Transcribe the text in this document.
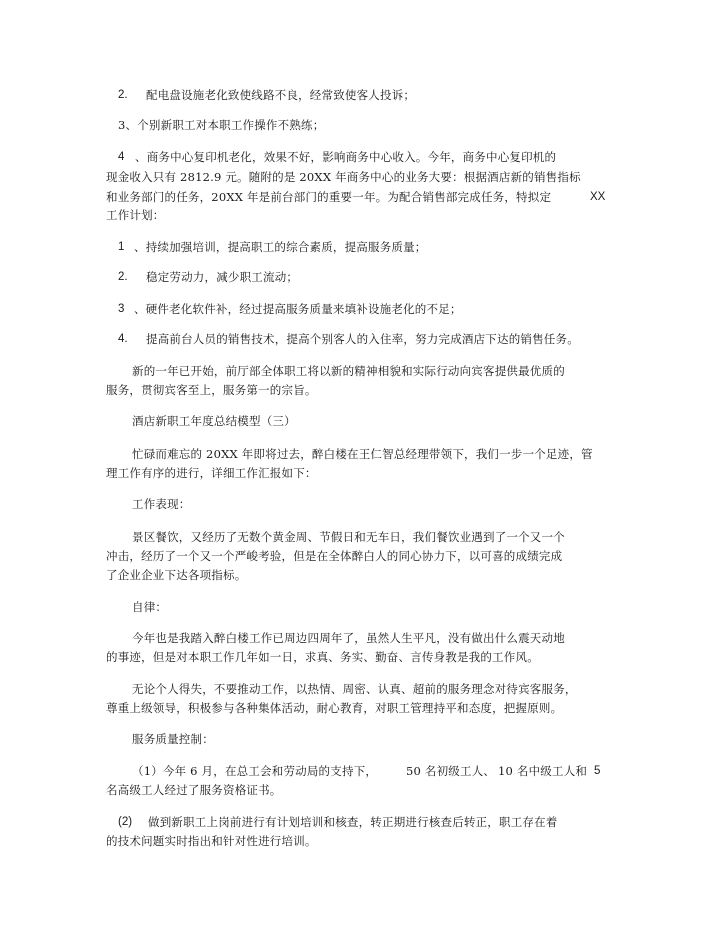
2. 配电盘设施老化致使线路不良，经常致使客人投诉；
3、个别新职工对本职工作操作不熟练；
4 、商务中心复印机老化，效果不好，影响商务中心收入。今年，商务中心复印机的
现金收入只有 2812.9 元。随附的是 20XX 年商务中心的业务大要：根据酒店新的销售指标
和业务部门的任务，20XX 年是前台部门的重要一年。为配合销售部完成任务，特拟定	XX
工作计划：
1 、持续加强培训，提高职工的综合素质，提高服务质量；
2. 稳定劳动力，减少职工流动；
3 、硬件老化软件补，经过提高服务质量来填补设施老化的不足；
4. 提高前台人员的销售技术，提高个别客人的入住率，努力完成酒店下达的销售任务。
新的一年已开始，前厅部全体职工将以新的精神相貌和实际行动向宾客提供最优质的
服务，贯彻宾客至上，服务第一的宗旨。
酒店新职工年度总结模型（三）
忙碌而难忘的 20XX 年即将过去，醉白楼在王仁智总经理带领下，我们一步一个足迹，管
理工作有序的进行，详细工作汇报如下：
工作表现：
景区餐饮，又经历了无数个黄金周、节假日和无车日，我们餐饮业遇到了一个又一个
冲击，经历了一个又一个严峻考验，但是在全体醉白人的同心协力下，以可喜的成绩完成
了企业企业下达各项指标。
自律：
今年也是我踏入醉白楼工作已周边四周年了，虽然人生平凡，没有做出什么震天动地
的事迹，但是对本职工作几年如一日，求真、务实、勤奋、言传身教是我的工作风。
无论个人得失，不要推动工作，以热情、周密、认真、超前的服务理念对待宾客服务，
尊重上级领导，积极参与各种集体活动，耐心教育，对职工管理持平和态度，把握原则。
服务质量控制：
（1）今年 6 月，在总工会和劳动局的支持下，	50 名初级工人、 10 名中级工人和 5
名高级工人经过了服务资格证书。
(2) 做到新职工上岗前进行有计划培训和核查，转正期进行核查后转正，职工存在着
的技术问题实时指出和针对性进行培训。
